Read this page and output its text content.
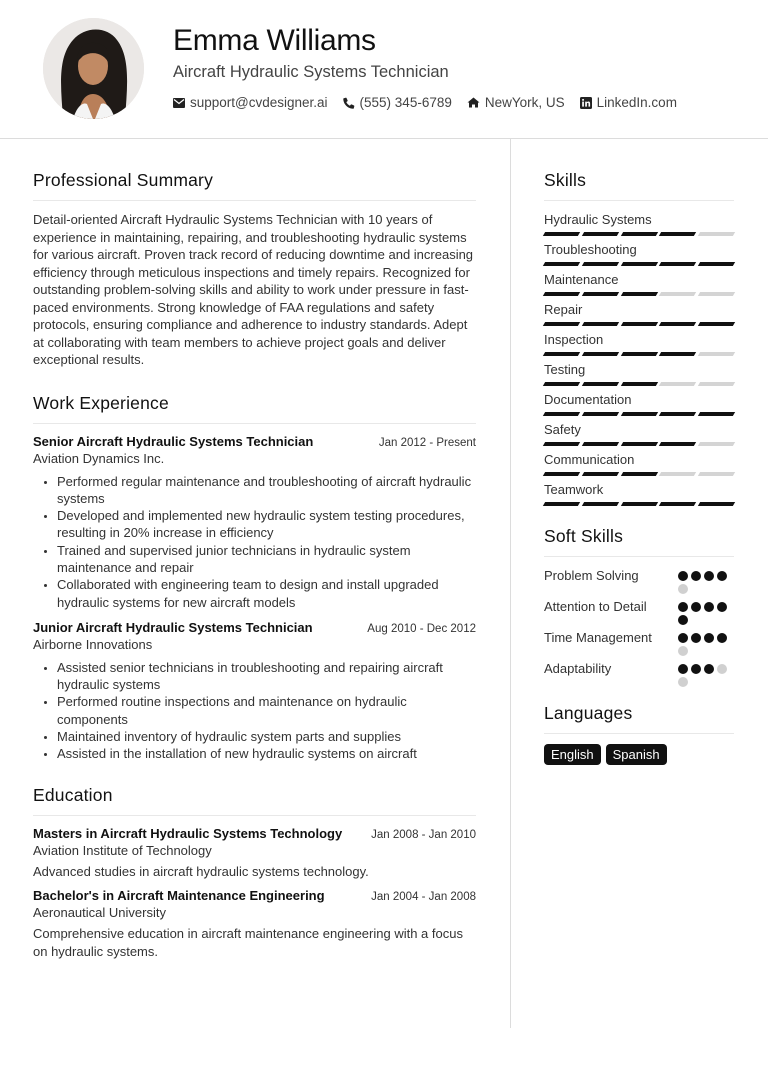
Emma Williams
Aircraft Hydraulic Systems Technician
support@cvdesigner.ai (555) 345-6789 NewYork, US LinkedIn.com
Professional Summary

Detail-oriented Aircraft Hydraulic Systems Technician with 10 years of experience in maintaining, repairing, and troubleshooting hydraulic systems for various aircraft. Proven track record of reducing downtime and increasing efficiency through meticulous inspections and timely repairs. Recognized for outstanding problem-solving skills and ability to work under pressure in fast-paced environments. Strong knowledge of FAA regulations and safety protocols, ensuring compliance and adherence to industry standards. Adept at collaborating with team members to achieve project goals and deliver exceptional results.

Work Experience
Senior Aircraft Hydraulic Systems Technician	Jan 2012 - Present
Aviation Dynamics Inc.
• Performed regular maintenance and troubleshooting of aircraft hydraulic systems
• Developed and implemented new hydraulic system testing procedures, resulting in 20% increase in efficiency
• Trained and supervised junior technicians in hydraulic system maintenance and repair
• Collaborated with engineering team to design and install upgraded hydraulic systems for new aircraft models
Junior Aircraft Hydraulic Systems Technician	Aug 2010 - Dec 2012
Airborne Innovations
• Assisted senior technicians in troubleshooting and repairing aircraft hydraulic systems
• Performed routine inspections and maintenance on hydraulic components
• Maintained inventory of hydraulic system parts and supplies
• Assisted in the installation of new hydraulic systems on aircraft
Education
Masters in Aircraft Hydraulic Systems Technology	Jan 2008 - Jan 2010
Aviation Institute of Technology

Advanced studies in aircraft hydraulic systems technology.

Bachelor's in Aircraft Maintenance Engineering	Jan 2004 - Jan 2008
Aeronautical University

Comprehensive education in aircraft maintenance engineering with a focus on hydraulic systems.

Skills
Hydraulic Systems
Troubleshooting
Maintenance
Repair
Inspection
Testing
Documentation
Safety
Communication
Teamwork
Soft Skills
Problem Solving
Attention to Detail
Time Management
Adaptability
Languages
English	Spanish
